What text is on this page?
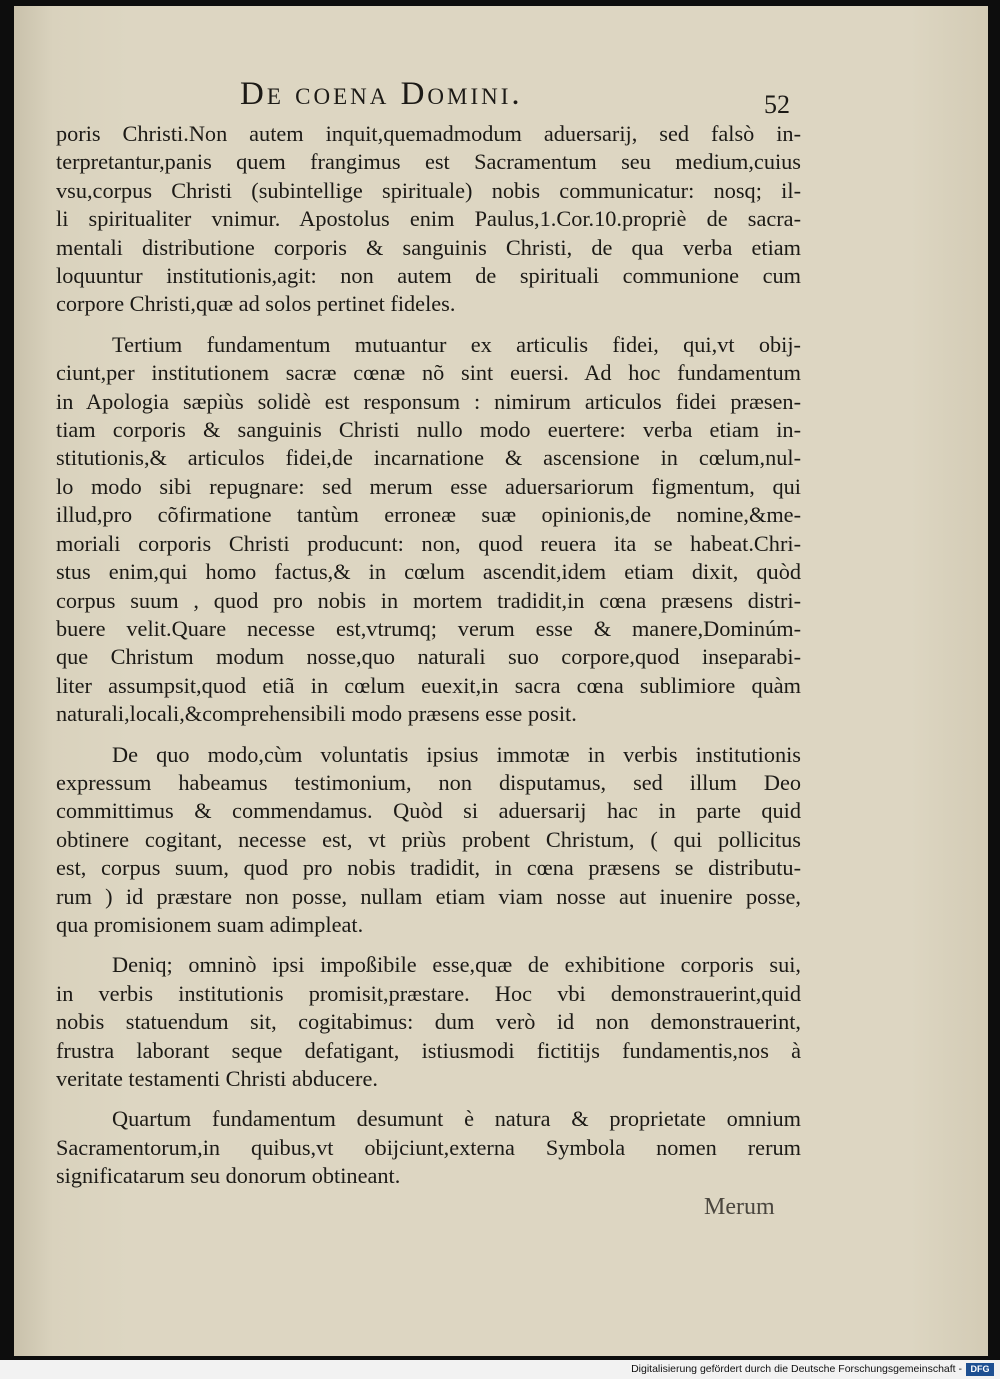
De coena Domini.	52
poris Christi.Non autem inquit,quemadmodum aduersarij, sed falsò in-
terpretantur,panis quem frangimus est Sacramentum seu medium,cuius
vsu,corpus Christi (subintellige spirituale) nobis communicatur: nosq; il-
li spiritualiter vnimur. Apostolus enim Paulus,1.Cor.10.propriè de sacra-
mentali distributione corporis & sanguinis Christi, de qua verba etiam
loquuntur institutionis,agit: non autem de spirituali communione cum
corpore Christi,quæ ad solos pertinet fideles.
Tertium fundamentum mutuantur ex articulis fidei, qui,vt obij-
ciunt,per institutionem sacræ cœnæ nõ sint euersi. Ad hoc fundamentum
in Apologia sæpiùs solidè est responsum : nimirum articulos fidei præsen-
tiam corporis & sanguinis Christi nullo modo euertere: verba etiam in-
stitutionis,& articulos fidei,de incarnatione & ascensione in cœlum,nul-
lo modo sibi repugnare: sed merum esse aduersariorum figmentum, qui
illud,pro cõfirmatione tantùm erroneæ suæ opinionis,de nomine,&me-
moriali corporis Christi producunt: non, quod reuera ita se habeat.Chri-
stus enim,qui homo factus,& in cœlum ascendit,idem etiam dixit, quòd
corpus suum , quod pro nobis in mortem tradidit,in cœna præsens distri-
buere velit.Quare necesse est,vtrumq; verum esse & manere,Dominúm-
que Christum modum nosse,quo naturali suo corpore,quod inseparabi-
liter assumpsit,quod etiã in cœlum euexit,in sacra cœna sublimiore quàm
naturali,locali,&comprehensibili modo præsens esse posit.
De quo modo,cùm voluntatis ipsius immotæ in verbis institutionis
expressum habeamus testimonium, non disputamus, sed illum Deo
committimus & commendamus. Quòd si aduersarij hac in parte quid
obtinere cogitant, necesse est, vt priùs probent Christum, ( qui pollicitus
est, corpus suum, quod pro nobis tradidit, in cœna præsens se distributu-
rum ) id præstare non posse, nullam etiam viam nosse aut inuenire posse,
qua promisionem suam adimpleat.
Deniq; omninò ipsi impoßibile esse,quæ de exhibitione corporis sui,
in verbis institutionis promisit,præstare. Hoc vbi demonstrauerint,quid
nobis statuendum sit, cogitabimus: dum verò id non demonstrauerint,
frustra laborant seque defatigant, istiusmodi fictitijs fundamentis,nos à
veritate testamenti Christi abducere.
Quartum fundamentum desumunt è natura & proprietate omnium
Sacramentorum,in quibus,vt obijciunt,externa Symbola nomen rerum
significatarum seu donorum obtineant.
Merum
Digitalisierung gefördert durch die Deutsche Forschungsgemeinschaft - DFG
